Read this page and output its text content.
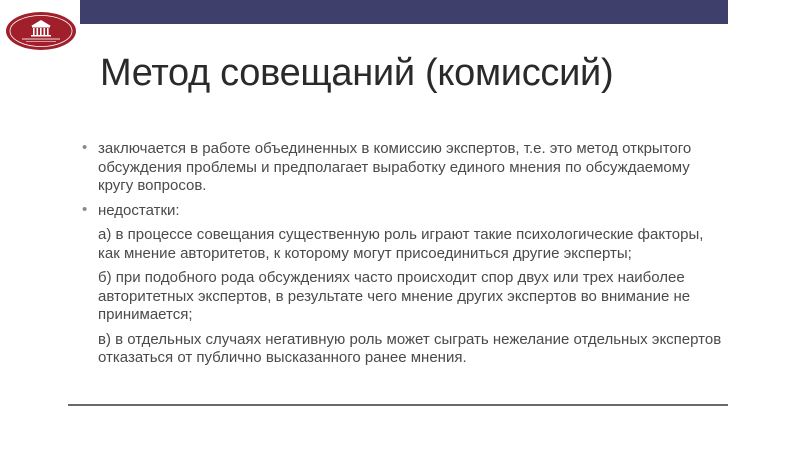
Метод совещаний (комиссий)
• заключается в работе объединенных в комиссию экспертов, т.е. это метод открытого обсуждения проблемы и предполагает выработку единого мнения по обсуждаемому кругу вопросов.
• недостатки:
а) в процессе совещания существенную роль играют такие психологические факторы, как мнение авторитетов, к которому могут присоединиться другие эксперты;
б) при подобного рода обсуждениях часто происходит спор двух или трех наиболее авторитетных экспертов, в результате чего мнение других экспертов во внимание не принимается;
в) в отдельных случаях негативную роль может сыграть нежелание отдельных экспертов отказаться от публично высказанного ранее мнения.
